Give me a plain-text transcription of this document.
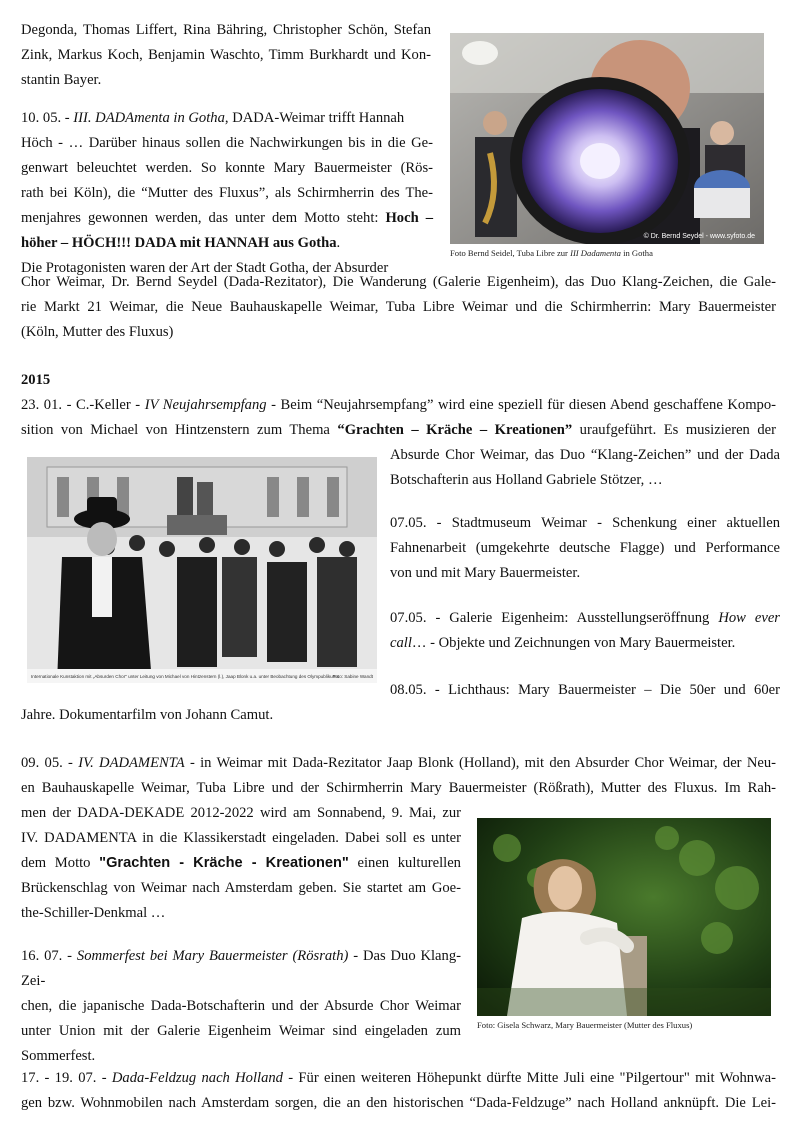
Degonda, Thomas Liffert, Rina Bähring, Christopher Schön, Stefan

Zink, Markus Koch, Benjamin Waschto, Timm Burkhardt und Kon-

stantin Bayer.

10. 05. - III. DADAmenta in Gotha, DADA-Weimar trifft Hannah

Höch - … Darüber hinaus sollen die Nachwirkungen bis in die Ge-

genwart beleuchtet werden. So konnte Mary Bauermeister (Rös-

rath bei Köln), die “Mutter des Fluxus”, als Schirmherrin des The-

menjahres gewonnen werden, das unter dem Motto steht: Hoch –

höher – HÖCH!!! DADA mit HANNAH aus Gotha.

Die Protagonisten waren der Art der Stadt Gotha, der Absurder

Chor Weimar, Dr. Bernd Seydel (Dada-Rezitator), Die Wanderung (Galerie Eigenheim), das Duo Klang-Zeichen, die Gale-

rie Markt 21 Weimar, die Neue Bauhauskapelle Weimar, Tuba Libre Weimar und die Schirmherrin: Mary Bauermeister

(Köln, Mutter des Fluxus)

© Dr. Bernd Seydel - www.syfoto.de
Foto Bernd Seidel, Tuba Libre zur III Dadamenta in Gotha
2015

23. 01. - C.-Keller - IV Neujahrsempfang - Beim “Neujahrsempfang” wird eine speziell für diesen Abend geschaffene Kompo-

sition von Michael von Hintzenstern zum Thema “Grachten – Kräche – Kreationen” uraufgeführt. Es musizieren der

Absurde Chor Weimar, das Duo “Klang-Zeichen” und der Dada

Botschafterin aus Holland Gabriele Stötzer, …

Internationale Kunstaktion mit „Absurden Chor" unter Leitung von Michael von Hintzenstern (l.), Jaap Blonk u.a. unter Beobachtung des Olympublikums
Foto: Sabine Wandt

07.05. - Stadtmuseum Weimar - Schenkung einer aktuellen

Fahnenarbeit (umgekehrte deutsche Flagge) und Performance

von und mit Mary Bauermeister.

07.05. - Galerie Eigenheim: Ausstellungseröffnung How ever

call… - Objekte und Zeichnungen von Mary Bauermeister.

08.05. - Lichthaus: Mary Bauermeister – Die 50er und 60er

Jahre. Dokumentarfilm von Johann Camut.

09. 05. - IV. DADAMENTA - in Weimar mit Dada-Rezitator Jaap Blonk (Holland), mit den Absurder Chor Weimar, der Neu-

en Bauhauskapelle Weimar, Tuba Libre und der Schirmherrin Mary Bauermeister (Rößrath), Mutter des Fluxus. Im Rah-

men der DADA-DEKADE 2012-2022 wird am Sonnabend, 9. Mai, zur

IV. DADAMENTA in die Klassikerstadt eingeladen. Dabei soll es unter

dem Motto "Grachten - Kräche - Kreationen" einen kulturellen

Brückenschlag von Weimar nach Amsterdam geben. Sie startet am Goe-

the-Schiller-Denkmal …

16. 07. - Sommerfest bei Mary Bauermeister (Rösrath) - Das Duo Klang-Zei-

chen, die japanische Dada-Botschafterin und der Absurde Chor Weimar

unter Union mit der Galerie Eigenheim Weimar sind eingeladen zum

Sommerfest.

Foto: Gisela Schwarz, Mary Bauermeister (Mutter des Fluxus)

17. - 19. 07. - Dada-Feldzug nach Holland - Für einen weiteren Höhepunkt dürfte Mitte Juli eine "Pilgertour" mit Wohnwa-

gen bzw. Wohnmobilen nach Amsterdam sorgen, die an den historischen “Dada-Feldzuge” nach Holland anknüpft. Die Lei-
